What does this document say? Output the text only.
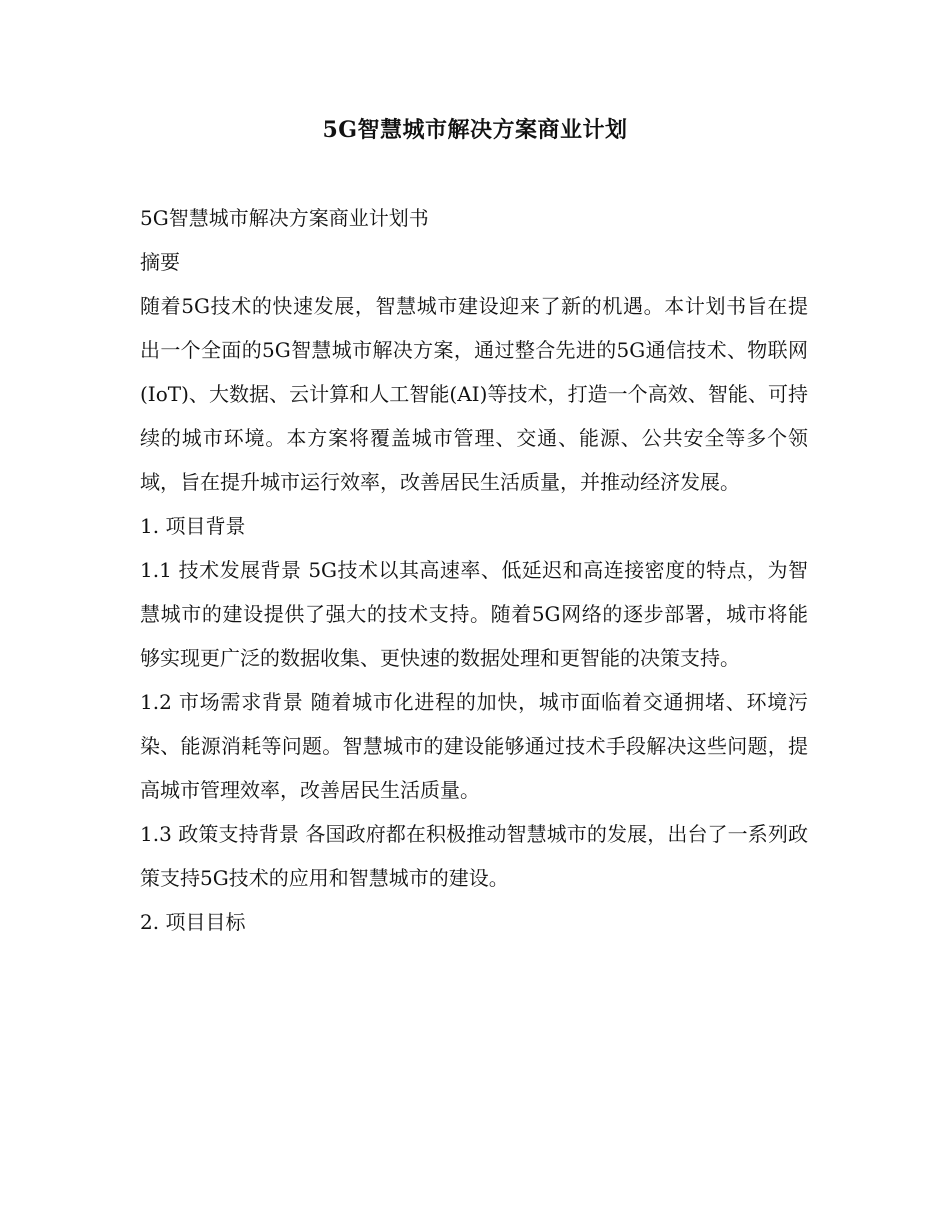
5G智慧城市解决方案商业计划

5G智慧城市解决方案商业计划书

摘要

随着5G技术的快速发展，智慧城市建设迎来了新的机遇。本计划书旨在提出一个全面的5G智慧城市解决方案，通过整合先进的5G通信技术、物联网(IoT)、大数据、云计算和人工智能(AI)等技术，打造一个高效、智能、可持续的城市环境。本方案将覆盖城市管理、交通、能源、公共安全等多个领域，旨在提升城市运行效率，改善居民生活质量，并推动经济发展。

1. 项目背景

1.1 技术发展背景 5G技术以其高速率、低延迟和高连接密度的特点，为智慧城市的建设提供了强大的技术支持。随着5G网络的逐步部署，城市将能够实现更广泛的数据收集、更快速的数据处理和更智能的决策支持。

1.2 市场需求背景 随着城市化进程的加快，城市面临着交通拥堵、环境污染、能源消耗等问题。智慧城市的建设能够通过技术手段解决这些问题，提高城市管理效率，改善居民生活质量。

1.3 政策支持背景 各国政府都在积极推动智慧城市的发展，出台了一系列政策支持5G技术的应用和智慧城市的建设。

2. 项目目标
